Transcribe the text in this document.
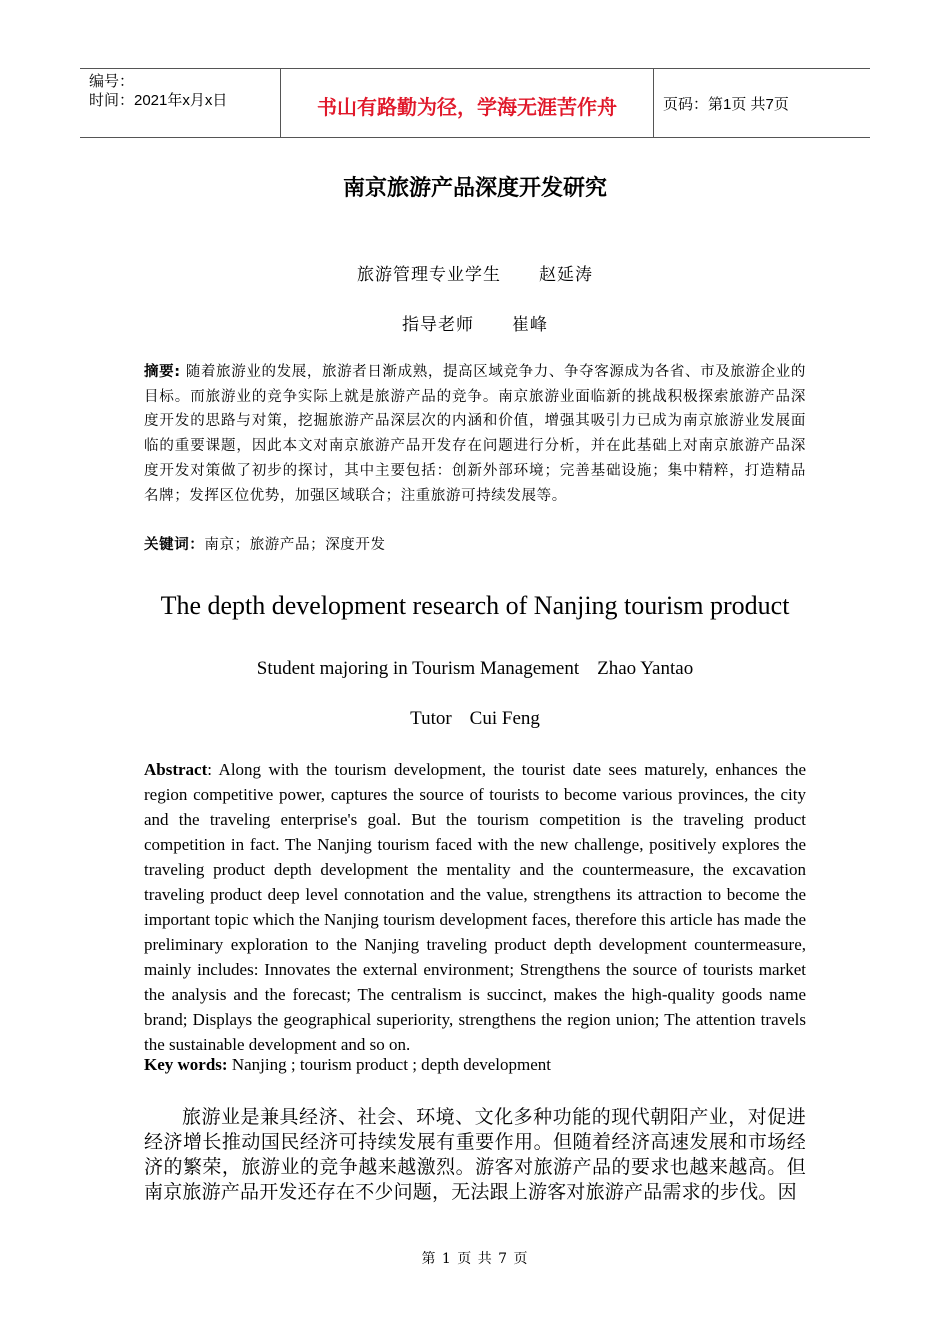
编号：
时间：2021年x月x日	书山有路勤为径，学海无涯苦作舟	页码：第1页 共7页
南京旅游产品深度开发研究
旅游管理专业学生 赵延涛
指导老师 崔峰
摘要: 随着旅游业的发展，旅游者日渐成熟，提高区域竞争力、争夺客源成为各省、市及旅游企业的目标。而旅游业的竞争实际上就是旅游产品的竞争。南京旅游业面临新的挑战积极探索旅游产品深度开发的思路与对策，挖掘旅游产品深层次的内涵和价值，增强其吸引力已成为南京旅游业发展面临的重要课题，因此本文对南京旅游产品开发存在问题进行分析，并在此基础上对南京旅游产品深度开发对策做了初步的探讨，其中主要包括：创新外部环境；完善基础设施；集中精粹，打造精品名牌；发挥区位优势，加强区域联合；注重旅游可持续发展等。
关键词：南京；旅游产品；深度开发
The depth development research of Nanjing tourism product
Student majoring in Tourism Management Zhao Yantao
Tutor Cui Feng
Abstract: Along with the tourism development, the tourist date sees maturely, enhances the region competitive power, captures the source of tourists to become various provinces, the city and the traveling enterprise's goal. But the tourism competition is the traveling product competition in fact. The Nanjing tourism faced with the new challenge, positively explores the traveling product depth development the mentality and the countermeasure, the excavation traveling product deep level connotation and the value, strengthens its attraction to become the important topic which the Nanjing tourism development faces, therefore this article has made the preliminary exploration to the Nanjing traveling product depth development countermeasure, mainly includes: Innovates the external environment; Strengthens the source of tourists market the analysis and the forecast; The centralism is succinct, makes the high-quality goods name brand; Displays the geographical superiority, strengthens the region union; The attention travels the sustainable development and so on.
Key words: Nanjing ; tourism product ; depth development
旅游业是兼具经济、社会、环境、文化多种功能的现代朝阳产业，对促进经济增长推动国民经济可持续发展有重要作用。但随着经济高速发展和市场经济的繁荣，旅游业的竞争越来越激烈。游客对旅游产品的要求也越来越高。但南京旅游产品开发还存在不少问题，无法跟上游客对旅游产品需求的步伐。因
第 1 页 共 7 页
